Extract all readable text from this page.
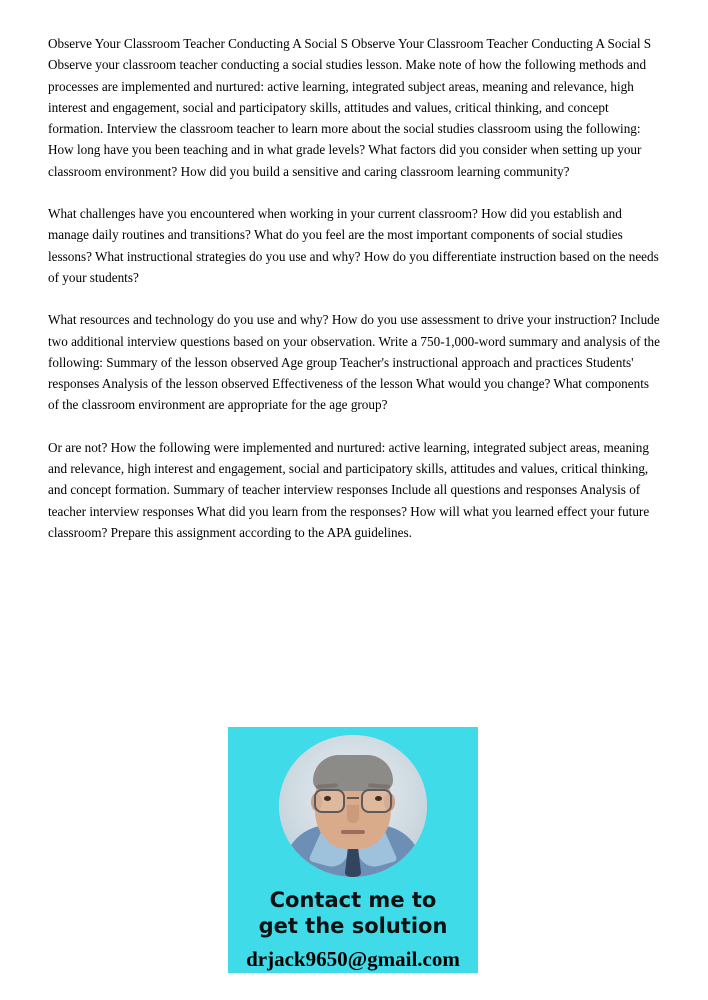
Observe Your Classroom Teacher Conducting A Social S Observe Your Classroom Teacher Conducting A Social S Observe your classroom teacher conducting a social studies lesson. Make note of how the following methods and processes are implemented and nurtured: active learning, integrated subject areas, meaning and relevance, high interest and engagement, social and participatory skills, attitudes and values, critical thinking, and concept formation. Interview the classroom teacher to learn more about the social studies classroom using the following: How long have you been teaching and in what grade levels? What factors did you consider when setting up your classroom environment? How did you build a sensitive and caring classroom learning community?

What challenges have you encountered when working in your current classroom? How did you establish and manage daily routines and transitions? What do you feel are the most important components of social studies lessons? What instructional strategies do you use and why? How do you differentiate instruction based on the needs of your students?

What resources and technology do you use and why? How do you use assessment to drive your instruction? Include two additional interview questions based on your observation. Write a 750-1,000-word summary and analysis of the following: Summary of the lesson observed Age group Teacher's instructional approach and practices Students' responses Analysis of the lesson observed Effectiveness of the lesson What would you change? What components of the classroom environment are appropriate for the age group?

Or are not? How the following were implemented and nurtured: active learning, integrated subject areas, meaning and relevance, high interest and engagement, social and participatory skills, attitudes and values, critical thinking, and concept formation. Summary of teacher interview responses Include all questions and responses Analysis of teacher interview responses What did you learn from the responses? How will what you learned effect your future classroom? Prepare this assignment according to the APA guidelines.

Contact me to
get the solution
drjack9650@gmail.com
